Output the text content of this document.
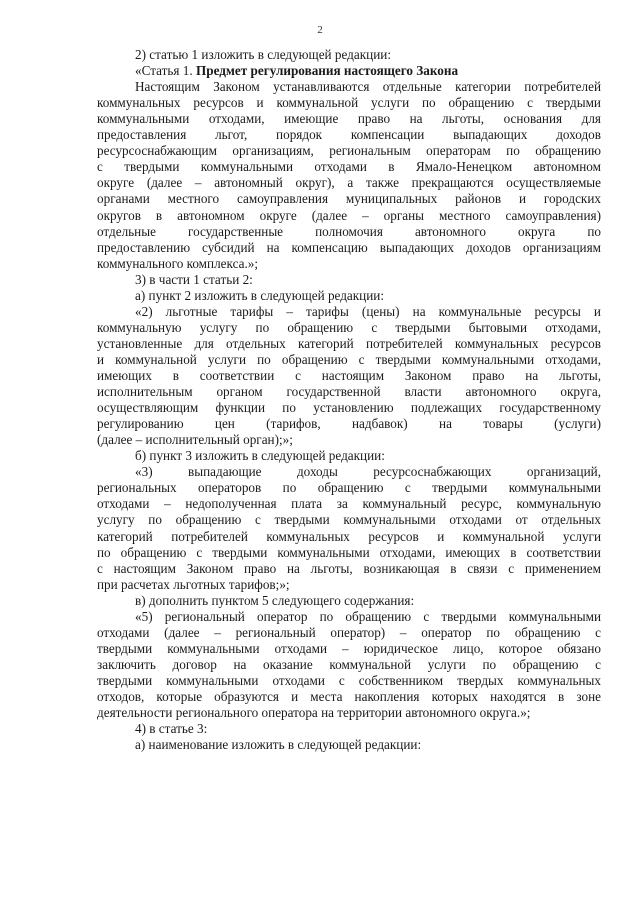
2
2) статью 1 изложить в следующей редакции:
«Статья 1. Предмет регулирования настоящего Закона
Настоящим Законом устанавливаются отдельные категории потребителей
коммунальных ресурсов и коммунальной услуги по обращению с твердыми
коммунальными отходами, имеющие право на льготы, основания для
предоставления льгот, порядок компенсации выпадающих доходов
ресурсоснабжающим организациям, региональным операторам по обращению
с твердыми коммунальными отходами в Ямало-Ненецком автономном
округе (далее – автономный округ), а также прекращаются осуществляемые
органами местного самоуправления муниципальных районов и городских
округов в автономном округе (далее – органы местного самоуправления)
отдельные государственные полномочия автономного округа по
предоставлению субсидий на компенсацию выпадающих доходов организациям
коммунального комплекса.»;
3) в части 1 статьи 2:
а) пункт 2 изложить в следующей редакции:
«2) льготные тарифы – тарифы (цены) на коммунальные ресурсы и
коммунальную услугу по обращению с твердыми бытовыми отходами,
установленные для отдельных категорий потребителей коммунальных ресурсов
и коммунальной услуги по обращению с твердыми коммунальными отходами,
имеющих в соответствии с настоящим Законом право на льготы,
исполнительным органом государственной власти автономного округа,
осуществляющим функции по установлению подлежащих государственному
регулированию цен (тарифов, надбавок) на товары (услуги)
(далее – исполнительный орган);»;
б) пункт 3 изложить в следующей редакции:
«3) выпадающие доходы ресурсоснабжающих организаций,
региональных операторов по обращению с твердыми коммунальными
отходами – недополученная плата за коммунальный ресурс, коммунальную
услугу по обращению с твердыми коммунальными отходами от отдельных
категорий потребителей коммунальных ресурсов и коммунальной услуги
по обращению с твердыми коммунальными отходами, имеющих в соответствии
с настоящим Законом право на льготы, возникающая в связи с применением
при расчетах льготных тарифов;»;
в) дополнить пунктом 5 следующего содержания:
«5) региональный оператор по обращению с твердыми коммунальными
отходами (далее – региональный оператор) – оператор по обращению с
твердыми коммунальными отходами – юридическое лицо, которое обязано
заключить договор на оказание коммунальной услуги по обращению с
твердыми коммунальными отходами с собственником твердых коммунальных
отходов, которые образуются и места накопления которых находятся в зоне
деятельности регионального оператора на территории автономного округа.»;
4) в статье 3:
а) наименование изложить в следующей редакции:
